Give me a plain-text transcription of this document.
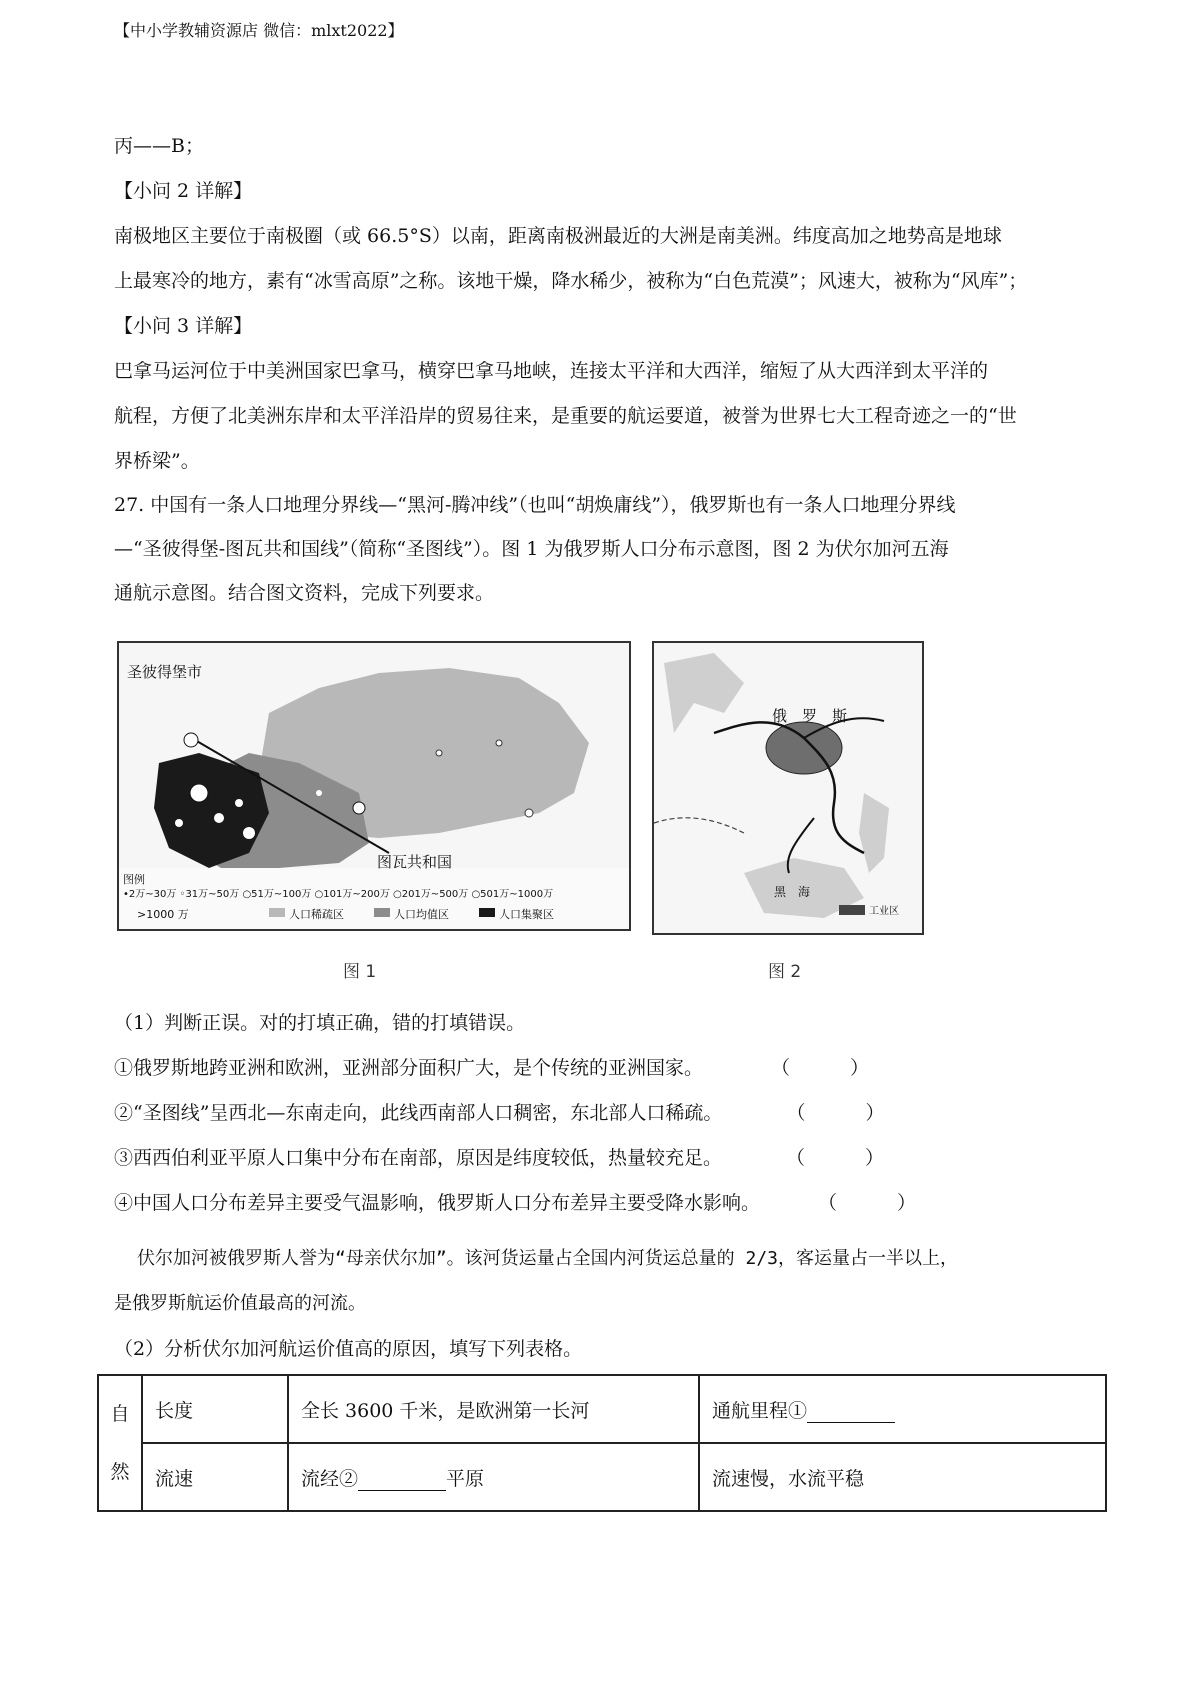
【中小学教辅资源店 微信：mlxt2022】
丙——B；
【小问 2 详解】
南极地区主要位于南极圈（或 66.5°S）以南，距离南极洲最近的大洲是南美洲。纬度高加之地势高是地球
上最寒冷的地方，素有“冰雪高原”之称。该地干燥，降水稀少，被称为“白色荒漠”；风速大，被称为“风库”；
【小问 3 详解】
巴拿马运河位于中美洲国家巴拿马，横穿巴拿马地峡，连接太平洋和大西洋，缩短了从大西洋到太平洋的
航程，方便了北美洲东岸和太平洋沿岸的贸易往来，是重要的航运要道，被誉为世界七大工程奇迹之一的“世
界桥梁”。
27. 中国有一条人口地理分界线—“黑河-腾冲线”（也叫“胡焕庸线”），俄罗斯也有一条人口地理分界线
—“圣彼得堡-图瓦共和国线”（简称“圣图线”）。图 1 为俄罗斯人口分布示意图，图 2 为伏尔加河五海
通航示意图。结合图文资料，完成下列要求。
圣彼得堡市
图瓦共和国
图例
•2万~30万 ◦31万~50万 ○51万~100万 ○101万~200万 ○201万~500万 ○501万~1000万
>1000 万	人口稀疏区	人口均值区	人口集聚区
图 1
俄　罗　斯
黑　海
工业区
图 2
（1）判断正误。对的打填正确，错的打填错误。
①俄罗斯地跨亚洲和欧洲，亚洲部分面积广大，是个传统的亚洲国家。	（	）
②“圣图线”呈西北—东南走向，此线西南部人口稠密，东北部人口稀疏。	（	）
③西西伯利亚平原人口集中分布在南部，原因是纬度较低，热量较充足。	（	）
④中国人口分布差异主要受气温影响，俄罗斯人口分布差异主要受降水影响。	（	）
伏尔加河被俄罗斯人誉为“母亲伏尔加”。该河货运量占全国内河货运总量的 2/3，客运量占一半以上，
是俄罗斯航运价值最高的河流。
（2）分析伏尔加河航运价值高的原因，填写下列表格。
自然	长度	全长 3600 千米，是欧洲第一长河	通航里程①
	流速	流经② 平原	流速慢，水流平稳
